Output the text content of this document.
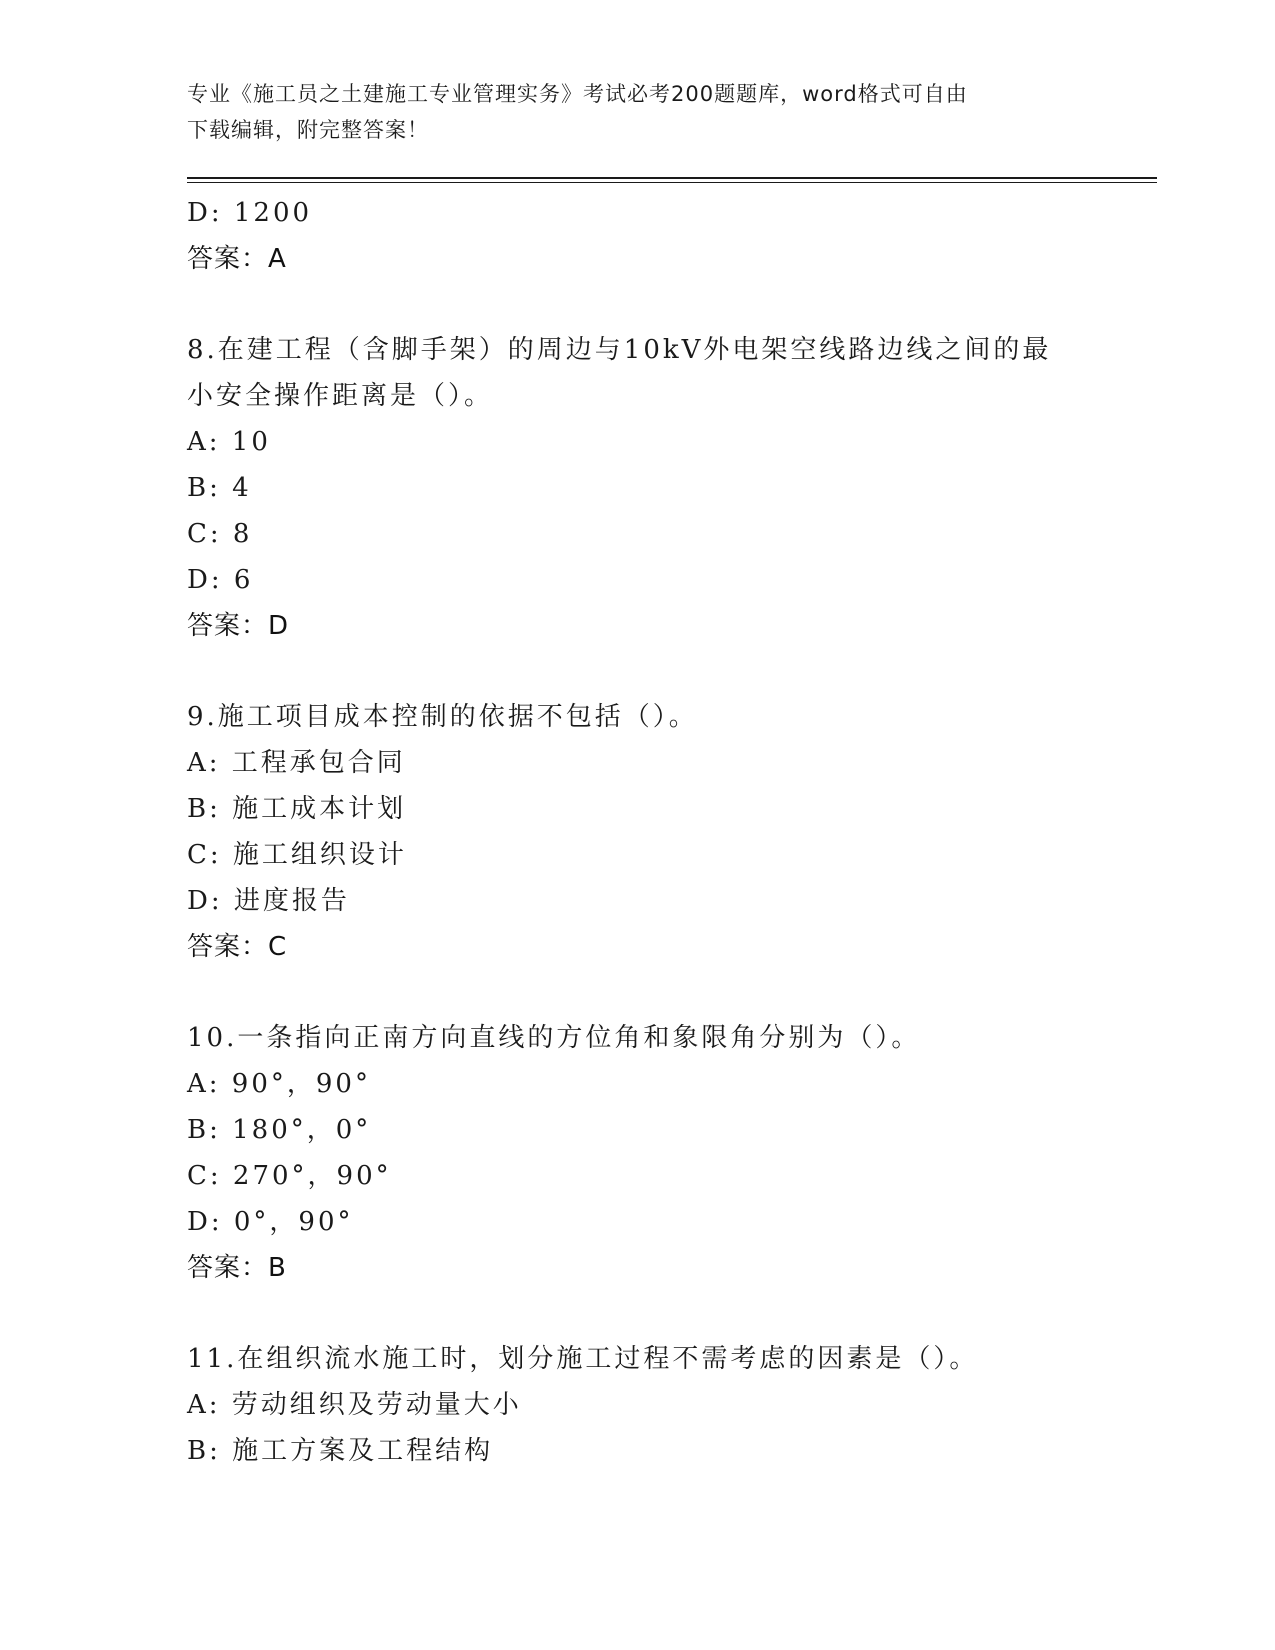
专业《施工员之土建施工专业管理实务》考试必考200题题库，word格式可自由
下载编辑，附完整答案！
D: 1200
答案：A
8.在建工程（含脚手架）的周边与10kV外电架空线路边线之间的最小安全操作距离是（）。
A: 10
B: 4
C: 8
D: 6
答案：D
9.施工项目成本控制的依据不包括（）。
A: 工程承包合同
B: 施工成本计划
C: 施工组织设计
D: 进度报告
答案：C
10.一条指向正南方向直线的方位角和象限角分别为（）。
A: 90°，90°
B: 180°，0°
C: 270°，90°
D: 0°，90°
答案：B
11.在组织流水施工时，划分施工过程不需考虑的因素是（）。
A: 劳动组织及劳动量大小
B: 施工方案及工程结构
